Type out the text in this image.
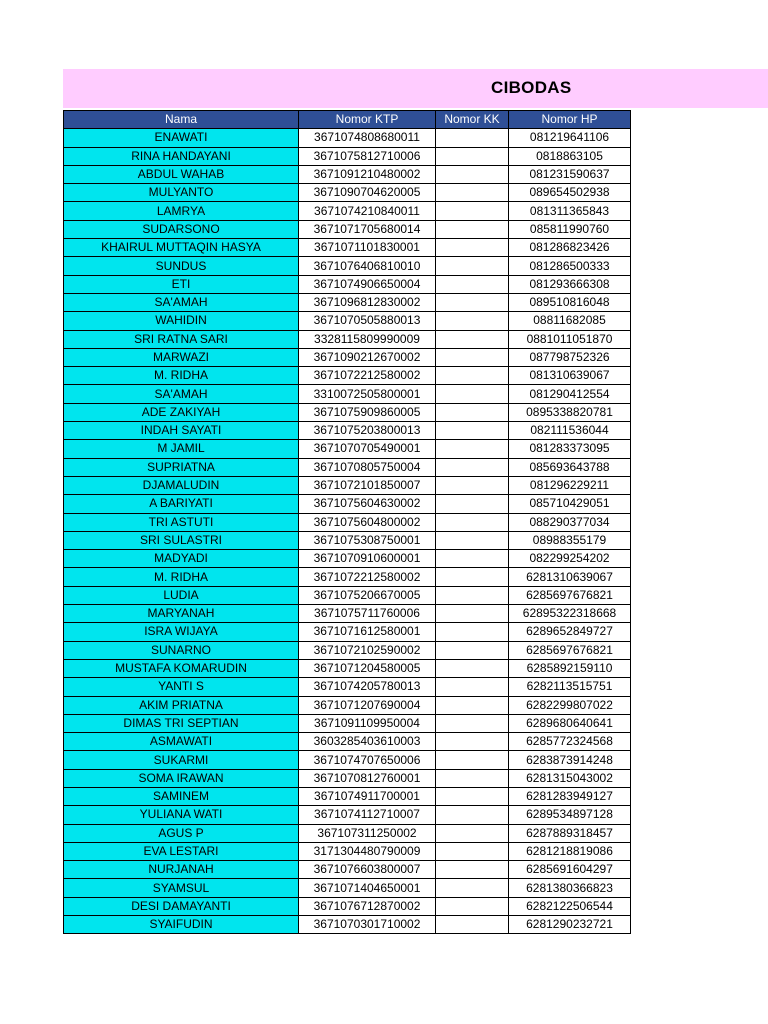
CIBODAS
Nama	Nomor KTP	Nomor KK	Nomor HP
ENAWATI	3671074808680011		081219641106
RINA HANDAYANI	3671075812710006		0818863105
ABDUL WAHAB	3671091210480002		081231590637
MULYANTO	3671090704620005		089654502938
LAMRYA	3671074210840011		081311365843
SUDARSONO	3671071705680014		085811990760
KHAIRUL MUTTAQIN HASYA	3671071101830001		081286823426
SUNDUS	3671076406810010		081286500333
ETI	3671074906650004		081293666308
SA'AMAH	3671096812830002		089510816048
WAHIDIN	3671070505880013		08811682085
SRI RATNA SARI	3328115809990009		0881011051870
MARWAZI	3671090212670002		087798752326
M. RIDHA	3671072212580002		081310639067
SA'AMAH	3310072505800001		081290412554
ADE ZAKIYAH	3671075909860005		0895338820781
INDAH SAYATI	3671075203800013		082111536044
M JAMIL	3671070705490001		081283373095
SUPRIATNA	3671070805750004		085693643788
DJAMALUDIN	3671072101850007		081296229211
A BARIYATI	3671075604630002		085710429051
TRI ASTUTI	3671075604800002		088290377034
SRI SULASTRI	3671075308750001		08988355179
MADYADI	3671070910600001		082299254202
M. RIDHA	3671072212580002		6281310639067
LUDIA	3671075206670005		6285697676821
MARYANAH	3671075711760006		62895322318668
ISRA WIJAYA	3671071612580001		6289652849727
SUNARNO	3671072102590002		6285697676821
MUSTAFA KOMARUDIN	3671071204580005		6285892159110
YANTI S	3671074205780013		6282113515751
AKIM PRIATNA	3671071207690004		6282299807022
DIMAS TRI SEPTIAN	3671091109950004		6289680640641
ASMAWATI	3603285403610003		6285772324568
SUKARMI	3671074707650006		6283873914248
SOMA IRAWAN	3671070812760001		6281315043002
SAMINEM	3671074911700001		6281283949127
YULIANA WATI	3671074112710007		6289534897128
AGUS P	367107311250002		6287889318457
EVA LESTARI	3171304480790009		6281218819086
NURJANAH	3671076603800007		6285691604297
SYAMSUL	3671071404650001		6281380366823
DESI DAMAYANTI	3671076712870002		6282122506544
SYAIFUDIN	3671070301710002		6281290232721
